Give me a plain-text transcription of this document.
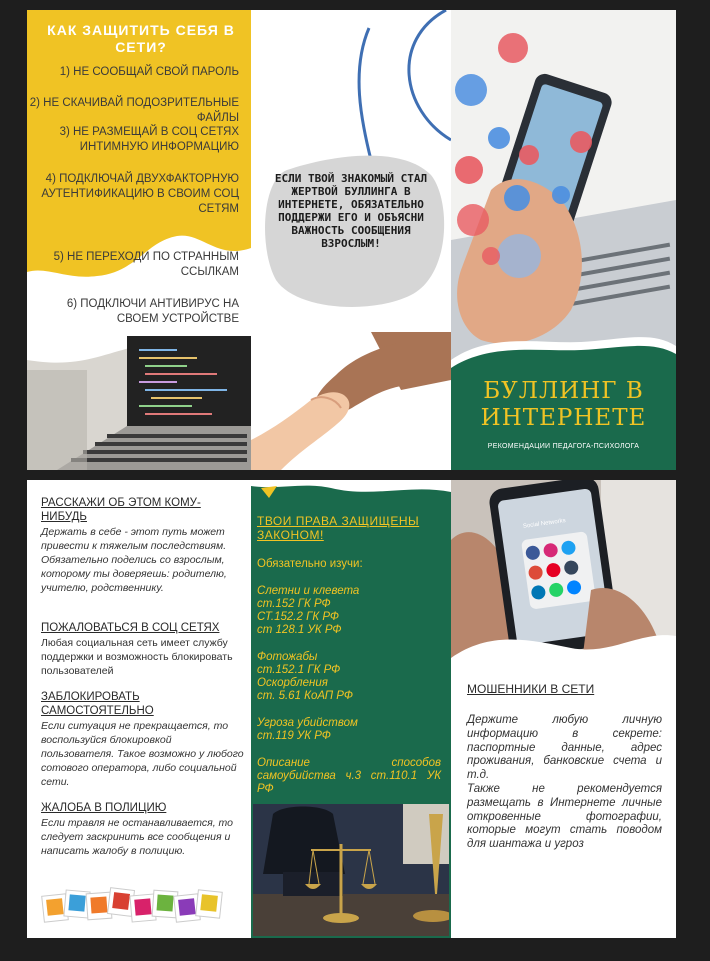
КАК ЗАЩИТИТЬ СЕБЯ В СЕТИ?
1) НЕ СООБЩАЙ СВОЙ ПАРОЛЬ
2) НЕ СКАЧИВАЙ ПОДОЗРИТЕЛЬНЫЕ ФАЙЛЫ
3) НЕ РАЗМЕЩАЙ В СОЦ СЕТЯХ ИНТИМНУЮ ИНФОРМАЦИЮ
4) ПОДКЛЮЧАЙ ДВУХФАКТОРНУЮ АУТЕНТИФИКАЦИЮ В СВОИМ СОЦ СЕТЯМ
5) НЕ ПЕРЕХОДИ ПО СТРАННЫМ ССЫЛКАМ
6) ПОДКЛЮЧИ АНТИВИРУС НА СВОЕМ УСТРОЙСТВЕ
ЕСЛИ ТВОЙ ЗНАКОМЫЙ СТАЛ ЖЕРТВОЙ БУЛЛИНГА В ИНТЕРНЕТЕ, ОБЯЗАТЕЛЬНО ПОДДЕРЖИ ЕГО И ОБЪЯСНИ ВАЖНОСТЬ СООБЩЕНИЯ ВЗРОСЛЫМ!
БУЛЛИНГ В ИНТЕРНЕТЕ
РЕКОМЕНДАЦИИ ПЕДАГОГА-ПСИХОЛОГА
РАССКАЖИ ОБ ЭТОМ КОМУ-НИБУДЬ
Держать в себе - этот путь может привести к тяжелым последствиям. Обязательно поделись со взрослым, которому ты доверяешь: родителю, учителю, родственнику.
ПОЖАЛОВАТЬСЯ В СОЦ СЕТЯХ
Любая социальная сеть имеет службу поддержки и возможность блокировать пользователей
ЗАБЛОКИРОВАТЬ САМОСТОЯТЕЛЬНО
Если ситуация не прекращается, то воспользуйся блокировкой пользователя. Такое возможно у любого сотового оператора, либо социальной сети.
ЖАЛОБА В ПОЛИЦИЮ
Если травля не останавливается, то следует заскринить все сообщения и написать жалобу в полицию.
ТВОИ ПРАВА ЗАЩИЩЕНЫ ЗАКОНОМ!
Обязательно изучи:
Слетни и клевета
ст.152 ГК РФ
СТ.152.2 ГК РФ
ст 128.1 УК РФ
Фотожабы
ст.152.1 ГК РФ
Оскорбления
ст. 5.61 КоАП РФ
Угроза убийством
ст.119 УК РФ
Описание способов самоубийства ч.3 ст.110.1 УК РФ
Social Networks
МОШЕННИКИ В СЕТИ
Держите любую личную информацию в секрете: паспортные данные, адрес проживания, банковские счета и т.д.
Также не рекомендуется размещать в Интернете личные откровенные фотографии, которые могут стать поводом для шантажа и угроз
